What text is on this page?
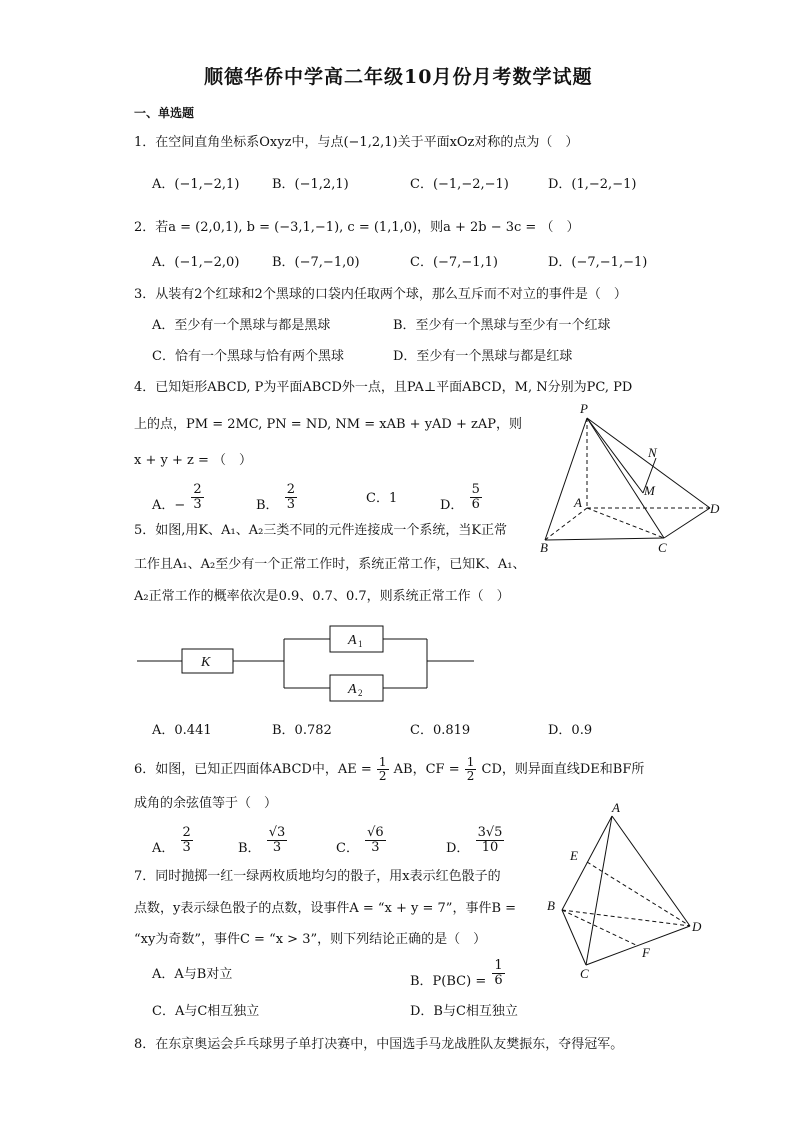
顺德华侨中学高二年级10月份月考数学试题
一、单选题
1．在空间直角坐标系Oxyz中，与点(−1,2,1)关于平面xOz对称的点为（　）
A．(−1,−2,1)	B．(−1,2,1)	C．(−1,−2,−1)	D．(1,−2,−1)
2．若a = (2,0,1), b = (−3,1,−1), c = (1,1,0)，则a + 2b − 3c = （　）
A．(−1,−2,0)	B．(−7,−1,0)	C．(−7,−1,1)	D．(−7,−1,−1)
3．从装有2个红球和2个黑球的口袋内任取两个球，那么互斥而不对立的事件是（　）
A．至少有一个黑球与都是黑球	B．至少有一个黑球与至少有一个红球
C．恰有一个黑球与恰有两个黑球	D．至少有一个黑球与都是红球
4．已知矩形ABCD, P为平面ABCD外一点，且PA⊥平面ABCD，M, N分别为PC, PD
上的点，PM = 2MC, PN = ND, NM = xAB + yAD + zAP，则
x + y + z = （　）
A．− $\frac{2}{3}$	B． $\frac{2}{3}$	C．1	D． $\frac{5}{6}$
P
N
M
A	D
B	C
5．如图,用K、A₁、A₂三类不同的元件连接成一个系统，当K正常
工作且A₁、A₂至少有一个正常工作时，系统正常工作，已知K、A₁、
A₂正常工作的概率依次是0.9、0.7、0.7，则系统正常工作（　）
K
A
A
1
2
A．0.441	B．0.782	C．0.819	D．0.9
6．如图，已知正四面体ABCD中，AE = $\frac{1}{2}$ AB，CF = $\frac{1}{2}$ CD，则异面直线DE和BF所
成角的余弦值等于（　）
A． $\frac{2}{3}$	B． $\frac{√3}{3}$	C． $\frac{√6}{3}$	D． $\frac{3√5}{10}$
A
E
B
D
F
C
7．同时抛掷一红一绿两枚质地均匀的骰子，用x表示红色骰子的
点数，y表示绿色骰子的点数，设事件A = “x + y = 7”，事件B =
“xy为奇数”，事件C = “x > 3”，则下列结论正确的是（　）
A．A与B对立	B．$P(BC) = \frac{1}{6}$
C．A与C相互独立	D．B与C相互独立
8．在东京奥运会乒乓球男子单打决赛中，中国选手马龙战胜队友樊振东，夺得冠军。
